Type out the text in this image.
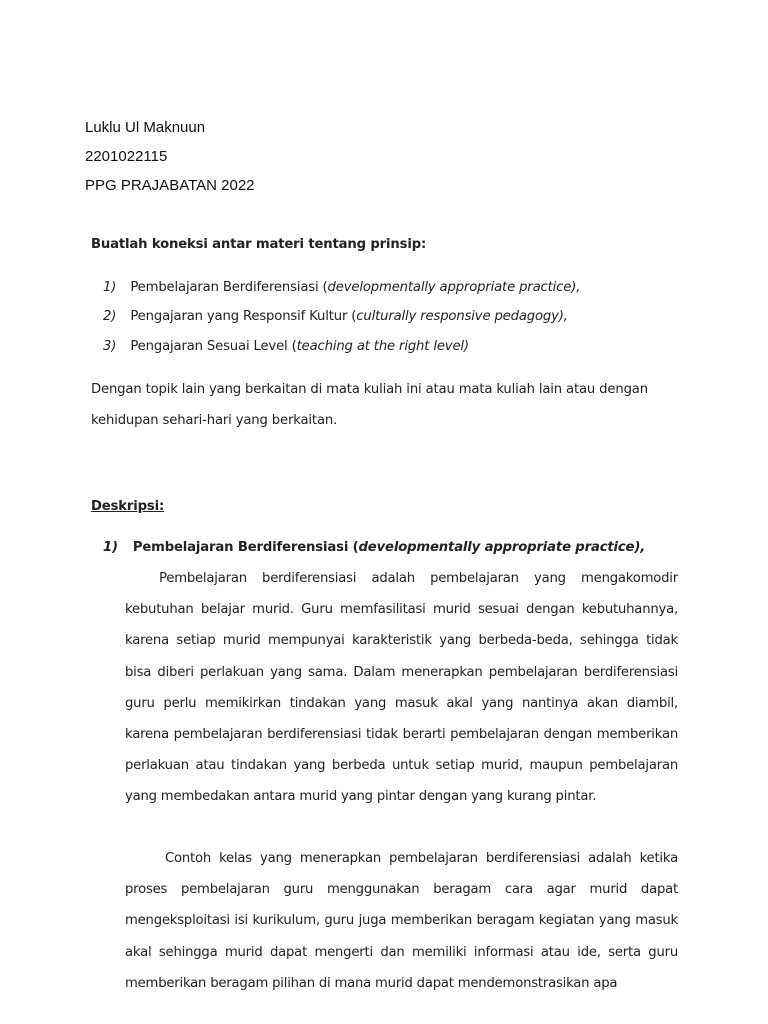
Luklu Ul Maknuun
2201022115
PPG PRAJABATAN 2022
Buatlah koneksi antar materi tentang prinsip:
1) Pembelajaran Berdiferensiasi (developmentally appropriate practice),
2) Pengajaran yang Responsif Kultur (culturally responsive pedagogy),
3) Pengajaran Sesuai Level (teaching at the right level)
Dengan topik lain yang berkaitan di mata kuliah ini atau mata kuliah lain atau dengan
kehidupan sehari-hari yang berkaitan.
Deskripsi:
1) Pembelajaran Berdiferensiasi (developmentally appropriate practice),
Pembelajaran berdiferensiasi adalah pembelajaran yang mengakomodir kebutuhan belajar murid. Guru memfasilitasi murid sesuai dengan kebutuhannya, karena setiap murid mempunyai karakteristik yang berbeda-beda, sehingga tidak bisa diberi perlakuan yang sama. Dalam menerapkan pembelajaran berdiferensiasi guru perlu memikirkan tindakan yang masuk akal yang nantinya akan diambil, karena pembelajaran berdiferensiasi tidak berarti pembelajaran dengan memberikan perlakuan atau tindakan yang berbeda untuk setiap murid, maupun pembelajaran yang membedakan antara murid yang pintar dengan yang kurang pintar.
Contoh kelas yang menerapkan pembelajaran berdiferensiasi adalah ketika proses pembelajaran guru menggunakan beragam cara agar murid dapat mengeksploitasi isi kurikulum, guru juga memberikan beragam kegiatan yang masuk akal sehingga murid dapat mengerti dan memiliki informasi atau ide, serta guru memberikan beragam pilihan di mana murid dapat mendemonstrasikan apa
